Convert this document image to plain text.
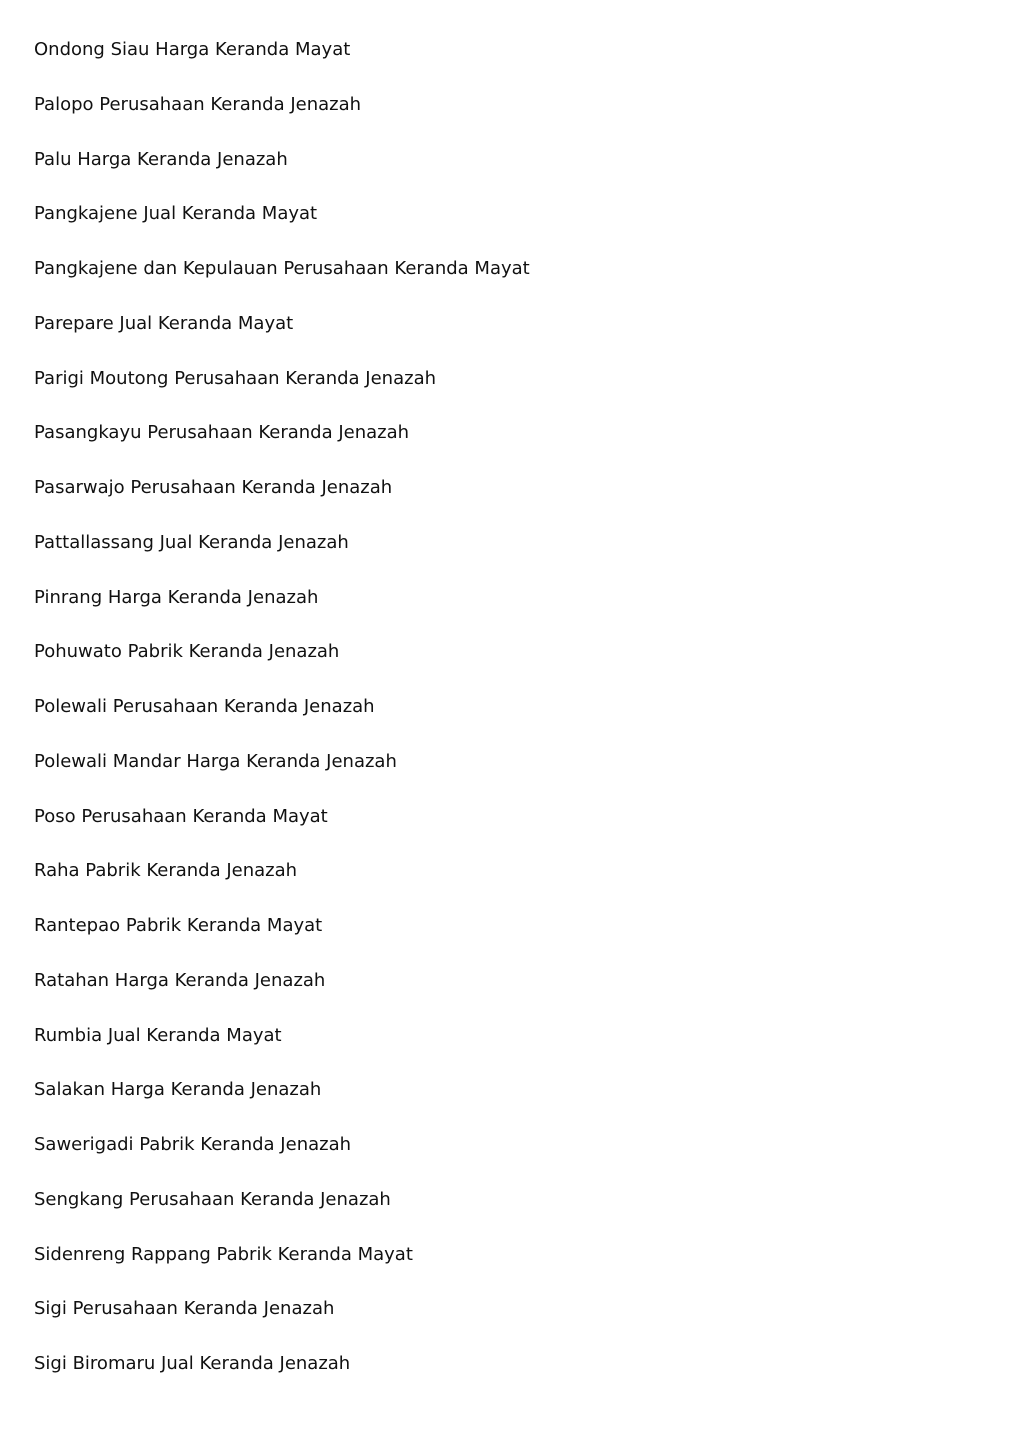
Ondong Siau Harga Keranda Mayat
Palopo Perusahaan Keranda Jenazah
Palu Harga Keranda Jenazah
Pangkajene Jual Keranda Mayat
Pangkajene dan Kepulauan Perusahaan Keranda Mayat
Parepare Jual Keranda Mayat
Parigi Moutong Perusahaan Keranda Jenazah
Pasangkayu Perusahaan Keranda Jenazah
Pasarwajo Perusahaan Keranda Jenazah
Pattallassang Jual Keranda Jenazah
Pinrang Harga Keranda Jenazah
Pohuwato Pabrik Keranda Jenazah
Polewali Perusahaan Keranda Jenazah
Polewali Mandar Harga Keranda Jenazah
Poso Perusahaan Keranda Mayat
Raha Pabrik Keranda Jenazah
Rantepao Pabrik Keranda Mayat
Ratahan Harga Keranda Jenazah
Rumbia Jual Keranda Mayat
Salakan Harga Keranda Jenazah
Sawerigadi Pabrik Keranda Jenazah
Sengkang Perusahaan Keranda Jenazah
Sidenreng Rappang Pabrik Keranda Mayat
Sigi Perusahaan Keranda Jenazah
Sigi Biromaru Jual Keranda Jenazah
